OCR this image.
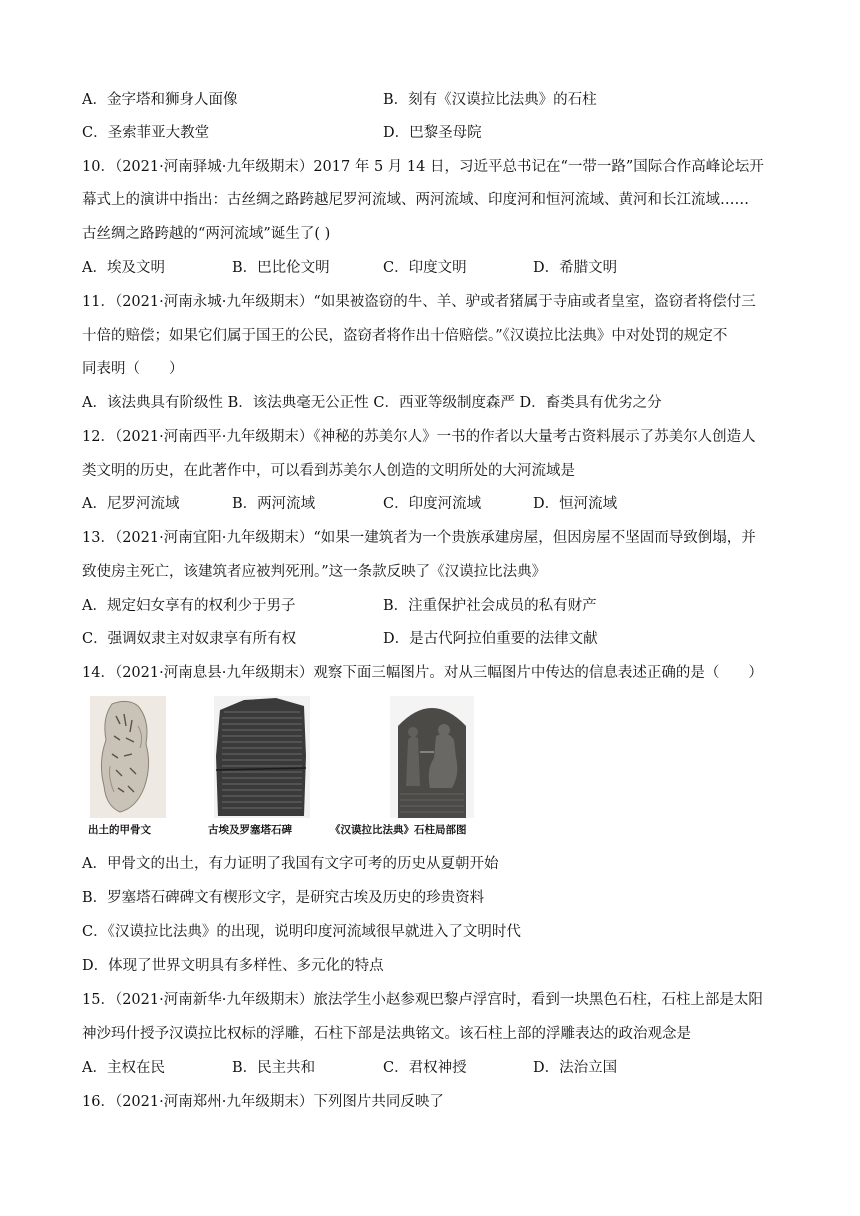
A．金字塔和狮身人面像	B．刻有《汉谟拉比法典》的石柱
C．圣索菲亚大教堂	D．巴黎圣母院
10．（2021·河南驿城·九年级期末）2017 年 5 月 14 日，习近平总书记在“一带一路”国际合作高峰论坛开
幕式上的演讲中指出：古丝绸之路跨越尼罗河流域、两河流域、印度河和恒河流域、黄河和长江流域……
古丝绸之路跨越的“两河流域”诞生了( )
A．埃及文明	B．巴比伦文明	C．印度文明	D．希腊文明
11．（2021·河南永城·九年级期末）“如果被盗窃的牛、羊、驴或者猪属于寺庙或者皇室，盗窃者将偿付三
十倍的赔偿；如果它们属于国王的公民，盗窃者将作出十倍赔偿。”《汉谟拉比法典》中对处罚的规定不
同表明（　　）
A．该法典具有阶级性 B．该法典毫无公正性 C．西亚等级制度森严 D．畜类具有优劣之分
12．（2021·河南西平·九年级期末）《神秘的苏美尔人》一书的作者以大量考古资料展示了苏美尔人创造人
类文明的历史，在此著作中，可以看到苏美尔人创造的文明所处的大河流域是
A．尼罗河流域	B．两河流域	C．印度河流域	D．恒河流域
13．（2021·河南宜阳·九年级期末）“如果一建筑者为一个贵族承建房屋，但因房屋不坚固而导致倒塌，并
致使房主死亡，该建筑者应被判死刑。”这一条款反映了《汉谟拉比法典》
A．规定妇女享有的权利少于男子	B．注重保护社会成员的私有财产
C．强调奴隶主对奴隶享有所有权	D．是古代阿拉伯重要的法律文献
14．（2021·河南息县·九年级期末）观察下面三幅图片。对从三幅图片中传达的信息表述正确的是（　　）
出土的甲骨文	古埃及罗塞塔石碑	《汉谟拉比法典》石柱局部图
A．甲骨文的出土，有力证明了我国有文字可考的历史从夏朝开始
B．罗塞塔石碑碑文有楔形文字，是研究古埃及历史的珍贵资料
C．《汉谟拉比法典》的出现，说明印度河流域很早就进入了文明时代
D．体现了世界文明具有多样性、多元化的特点
15．（2021·河南新华·九年级期末）旅法学生小赵参观巴黎卢浮宫时，看到一块黑色石柱，石柱上部是太阳
神沙玛什授予汉谟拉比权标的浮雕，石柱下部是法典铭文。该石柱上部的浮雕表达的政治观念是
A．主权在民	B．民主共和	C．君权神授	D．法治立国
16．（2021·河南郑州·九年级期末）下列图片共同反映了
